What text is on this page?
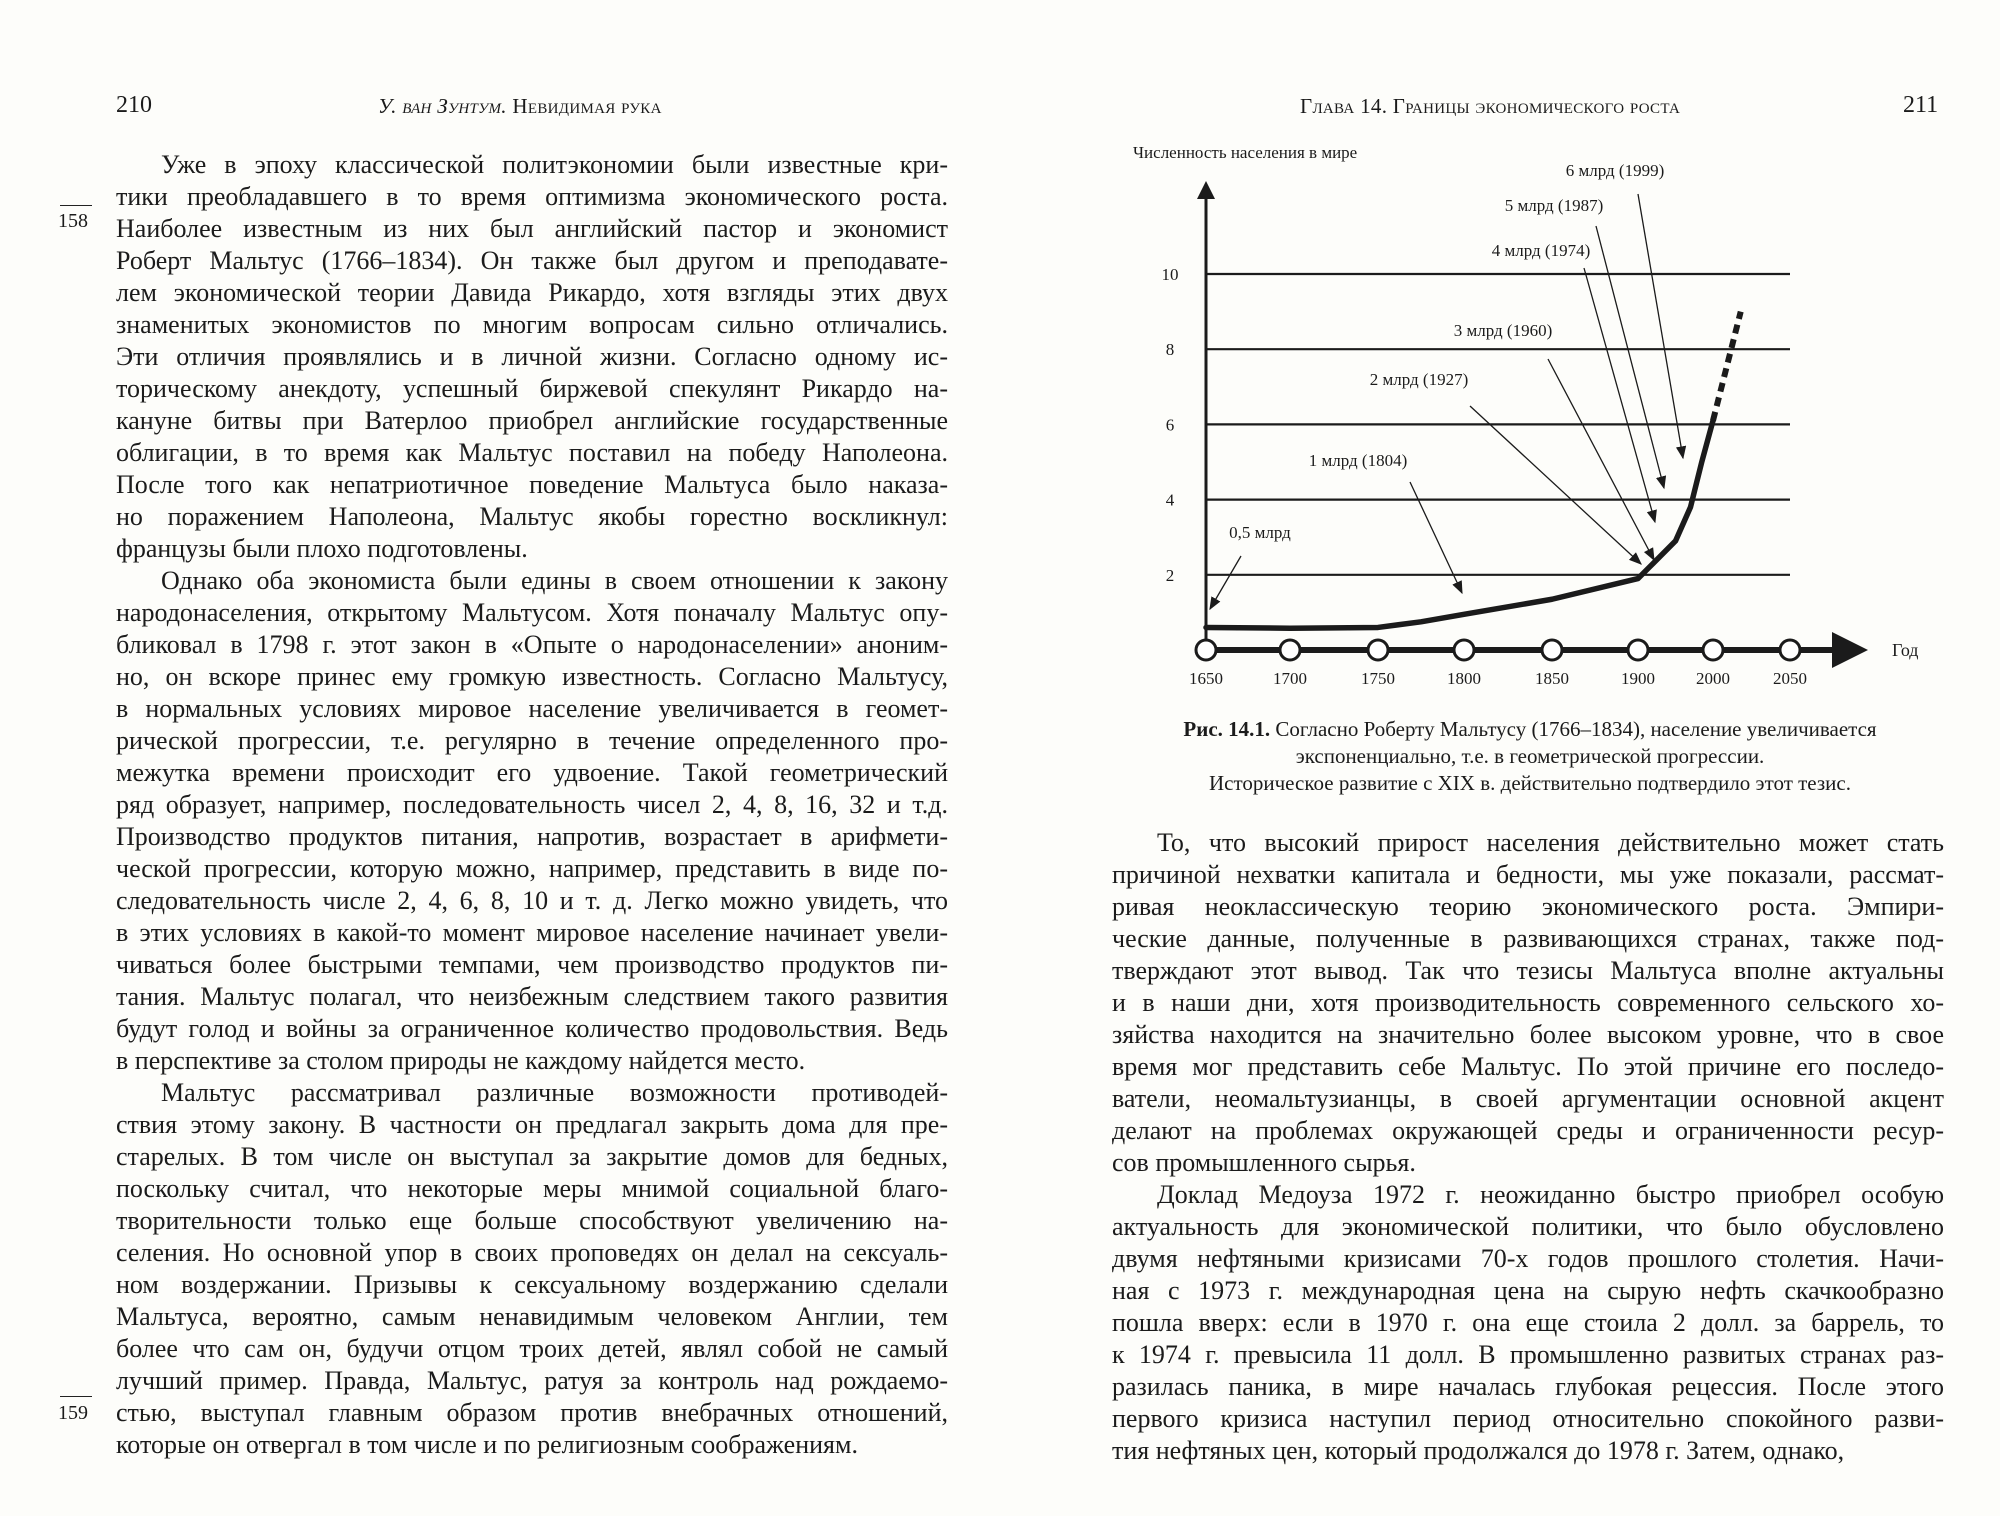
210	У. ван Зунтум. Невидимая рука
158
159
Уже в эпоху классической политэкономии были известные кри-
тики преобладавшего в то время оптимизма экономического роста.
Наиболее известным из них был английский пастор и экономист
Роберт Мальтус (1766–1834). Он также был другом и преподавате-
лем экономической теории Давида Рикардо, хотя взгляды этих двух
знаменитых экономистов по многим вопросам сильно отличались.
Эти отличия проявлялись и в личной жизни. Согласно одному ис-
торическому анекдоту, успешный биржевой спекулянт Рикардо на-
кануне битвы при Ватерлоо приобрел английские государственные
облигации, в то время как Мальтус поставил на победу Наполеона.
После того как непатриотичное поведение Мальтуса было наказа-
но поражением Наполеона, Мальтус якобы горестно воскликнул:
французы были плохо подготовлены.
Однако оба экономиста были едины в своем отношении к закону
народонаселения, открытому Мальтусом. Хотя поначалу Мальтус опу-
бликовал в 1798 г. этот закон в «Опыте о народонаселении» аноним-
но, он вскоре принес ему громкую известность. Согласно Мальтусу,
в нормальных условиях мировое население увеличивается в геомет-
рической прогрессии, т.е. регулярно в течение определенного про-
межутка времени происходит его удвоение. Такой геометрический
ряд образует, например, последовательность чисел 2, 4, 8, 16, 32 и т.д.
Производство продуктов питания, напротив, возрастает в арифмети-
ческой прогрессии, которую можно, например, представить в виде по-
следовательность числе 2, 4, 6, 8, 10 и т. д. Легко можно увидеть, что
в этих условиях в какой-то момент мировое население начинает увели-
чиваться более быстрыми темпами, чем производство продуктов пи-
тания. Мальтус полагал, что неизбежным следствием такого развития
будут голод и войны за ограниченное количество продовольствия. Ведь
в перспективе за столом природы не каждому найдется место.
Мальтус рассматривал различные возможности противодей-
ствия этому закону. В частности он предлагал закрыть дома для пре-
старелых. В том числе он выступал за закрытие домов для бедных,
поскольку считал, что некоторые меры мнимой социальной благо-
творительности только еще больше способствуют увеличению на-
селения. Но основной упор в своих проповедях он делал на сексуаль-
ном воздержании. Призывы к сексуальному воздержанию сделали
Мальтуса, вероятно, самым ненавидимым человеком Англии, тем
более что сам он, будучи отцом троих детей, являл собой не самый
лучший пример. Правда, Мальтус, ратуя за контроль над рождаемо-
стью, выступал главным образом против внебрачных отношений,
которые он отвергал в том числе и по религиозным соображениям.
Глава 14. Границы экономического роста	211
То, что высокий прирост населения действительно может стать
причиной нехватки капитала и бедности, мы уже показали, рассмат-
ривая неоклассическую теорию экономического роста. Эмпири-
ческие данные, полученные в развивающихся странах, также под-
тверждают этот вывод. Так что тезисы Мальтуса вполне актуальны
и в наши дни, хотя производительность современного сельского хо-
зяйства находится на значительно более высоком уровне, что в свое
время мог представить себе Мальтус. По этой причине его последо-
ватели, неомальтузианцы, в своей аргументации основной акцент
делают на проблемах окружающей среды и ограниченности ресур-
сов промышленного сырья.
Доклад Медоуза 1972 г. неожиданно быстро приобрел особую
актуальность для экономической политики, что было обусловлено
двумя нефтяными кризисами 70-х годов прошлого столетия. Начи-
ная с 1973 г. международная цена на сырую нефть скачкообразно
пошла вверх: если в 1970 г. она еще стоила 2 долл. за баррель, то
к 1974 г. превысила 11 долл. В промышленно развитых странах раз-
разилась паника, в мире началась глубокая рецессия. После этого
первого кризиса наступил период относительно спокойного разви-
тия нефтяных цен, который продолжался до 1978 г. Затем, однако,
Рис. 14.1. Согласно Роберту Мальтусу (1766–1834), население увеличивается
экспоненциально, т.е. в геометрической прогрессии.
Историческое развитие с XIX в. действительно подтвердило этот тезис.
2
4
6
8
10
Численность населения в мире
Год
1650	1700	1750	1800	1850	1900 2000	2050
6 млрд (1999)
5 млрд (1987)
4 млрд (1974)
3 млрд (1960)
2 млрд (1927)
1 млрд (1804)
0,5 млрд
